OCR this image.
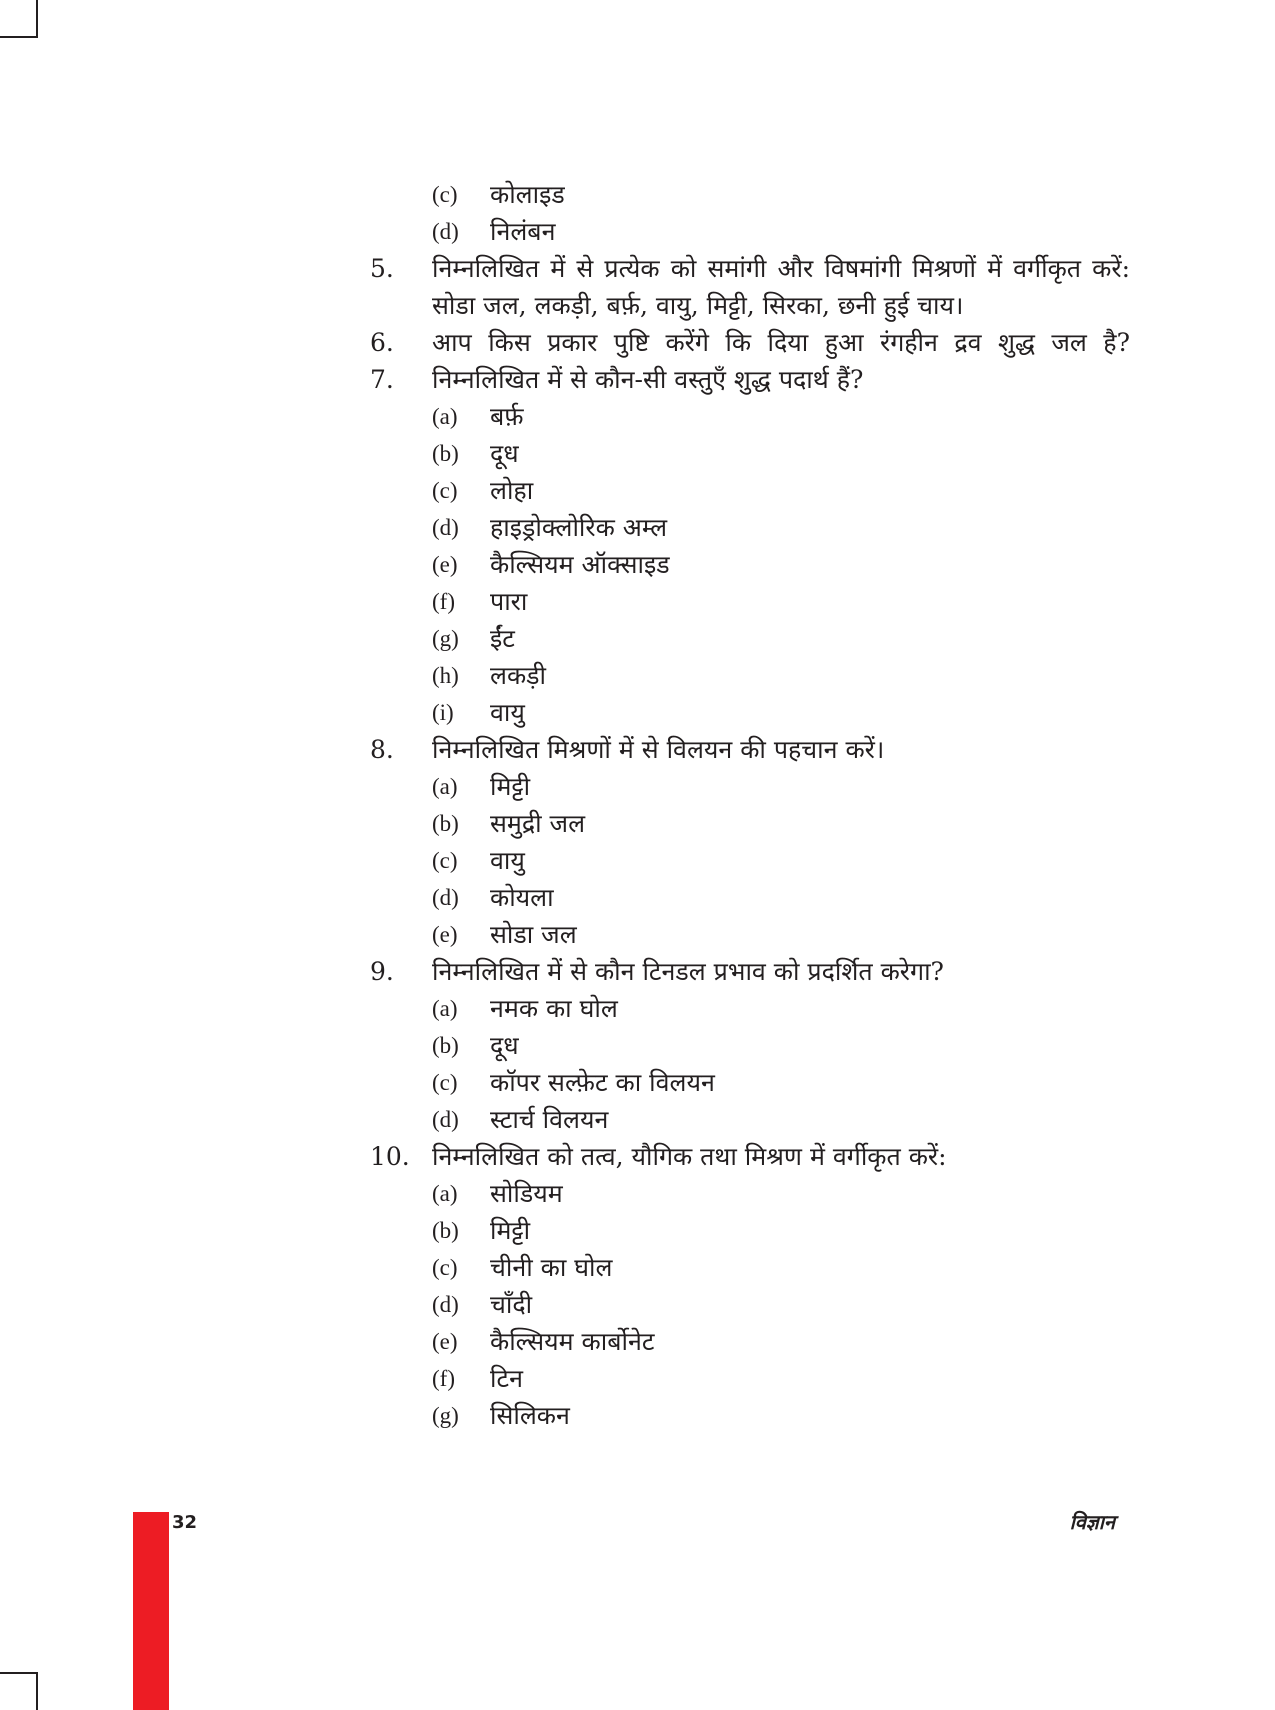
(c) कोलाइड
(d) निलंबन
5. निम्नलिखित में से प्रत्येक को समांगी और विषमांगी मिश्रणों में वर्गीकृत करें:
सोडा जल, लकड़ी, बर्फ़, वायु, मिट्टी, सिरका, छनी हुई चाय।
6. आप किस प्रकार पुष्टि करेंगे कि दिया हुआ रंगहीन द्रव शुद्ध जल है?
7. निम्नलिखित में से कौन-सी वस्तुएँ शुद्ध पदार्थ हैं?
(a) बर्फ़
(b) दूध
(c) लोहा
(d) हाइड्रोक्लोरिक अम्ल
(e) कैल्सियम ऑक्साइड
(f) पारा
(g) ईंट
(h) लकड़ी
(i) वायु
8. निम्नलिखित मिश्रणों में से विलयन की पहचान करें।
(a) मिट्टी
(b) समुद्री जल
(c) वायु
(d) कोयला
(e) सोडा जल
9. निम्नलिखित में से कौन टिनडल प्रभाव को प्रदर्शित करेगा?
(a) नमक का घोल
(b) दूध
(c) कॉपर सल्फ़ेट का विलयन
(d) स्टार्च विलयन
10. निम्नलिखित को तत्व, यौगिक तथा मिश्रण में वर्गीकृत करें:
(a) सोडियम
(b) मिट्टी
(c) चीनी का घोल
(d) चाँदी
(e) कैल्सियम कार्बोनेट
(f) टिन
(g) सिलिकन
32	विज्ञान
